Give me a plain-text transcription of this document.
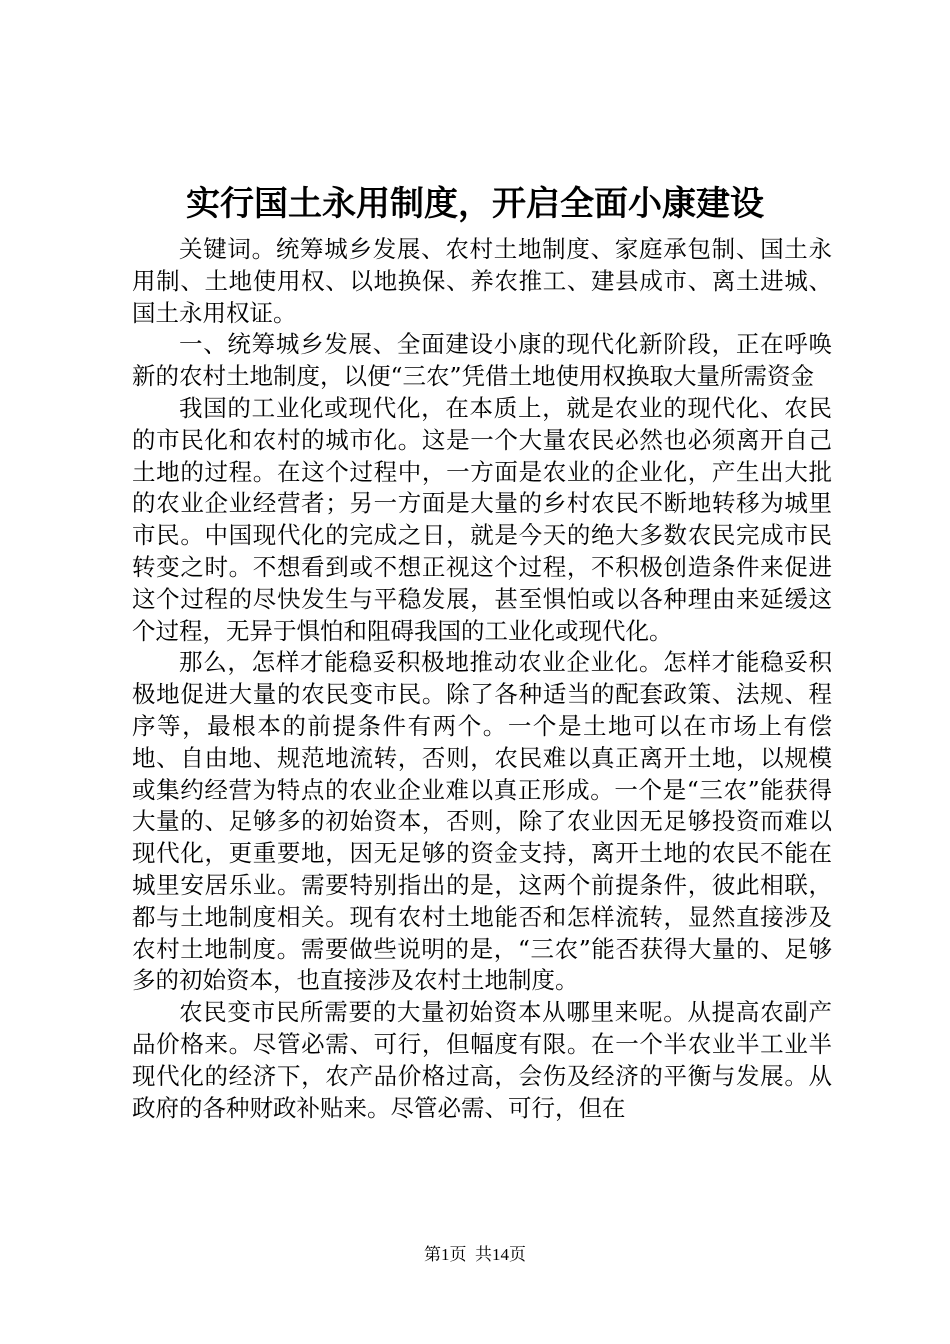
实行国土永用制度，开启全面小康建设

关键词。统筹城乡发展、农村土地制度、家庭承包制、国土永用制、土地使用权、以地换保、养农推工、建县成市、离土进城、国土永用权证。

一、统筹城乡发展、全面建设小康的现代化新阶段，正在呼唤新的农村土地制度，以便“三农”凭借土地使用权换取大量所需资金

我国的工业化或现代化，在本质上，就是农业的现代化、农民的市民化和农村的城市化。这是一个大量农民必然也必须离开自己土地的过程。在这个过程中，一方面是农业的企业化，产生出大批的农业企业经营者；另一方面是大量的乡村农民不断地转移为城里市民。中国现代化的完成之日，就是今天的绝大多数农民完成市民转变之时。不想看到或不想正视这个过程，不积极创造条件来促进这个过程的尽快发生与平稳发展，甚至惧怕或以各种理由来延缓这个过程，无异于惧怕和阻碍我国的工业化或现代化。

那么，怎样才能稳妥积极地推动农业企业化。怎样才能稳妥积极地促进大量的农民变市民。除了各种适当的配套政策、法规、程序等，最根本的前提条件有两个。一个是土地可以在市场上有偿地、自由地、规范地流转，否则，农民难以真正离开土地，以规模或集约经营为特点的农业企业难以真正形成。一个是“三农”能获得大量的、足够多的初始资本，否则，除了农业因无足够投资而难以现代化，更重要地，因无足够的资金支持，离开土地的农民不能在城里安居乐业。需要特别指出的是，这两个前提条件，彼此相联，都与土地制度相关。现有农村土地能否和怎样流转，显然直接涉及农村土地制度。需要做些说明的是，“三农”能否获得大量的、足够多的初始资本，也直接涉及农村土地制度。

农民变市民所需要的大量初始资本从哪里来呢。从提高农副产品价格来。尽管必需、可行，但幅度有限。在一个半农业半工业半现代化的经济下，农产品价格过高，会伤及经济的平衡与发展。从政府的各种财政补贴来。尽管必需、可行，但在

第1页 共14页
